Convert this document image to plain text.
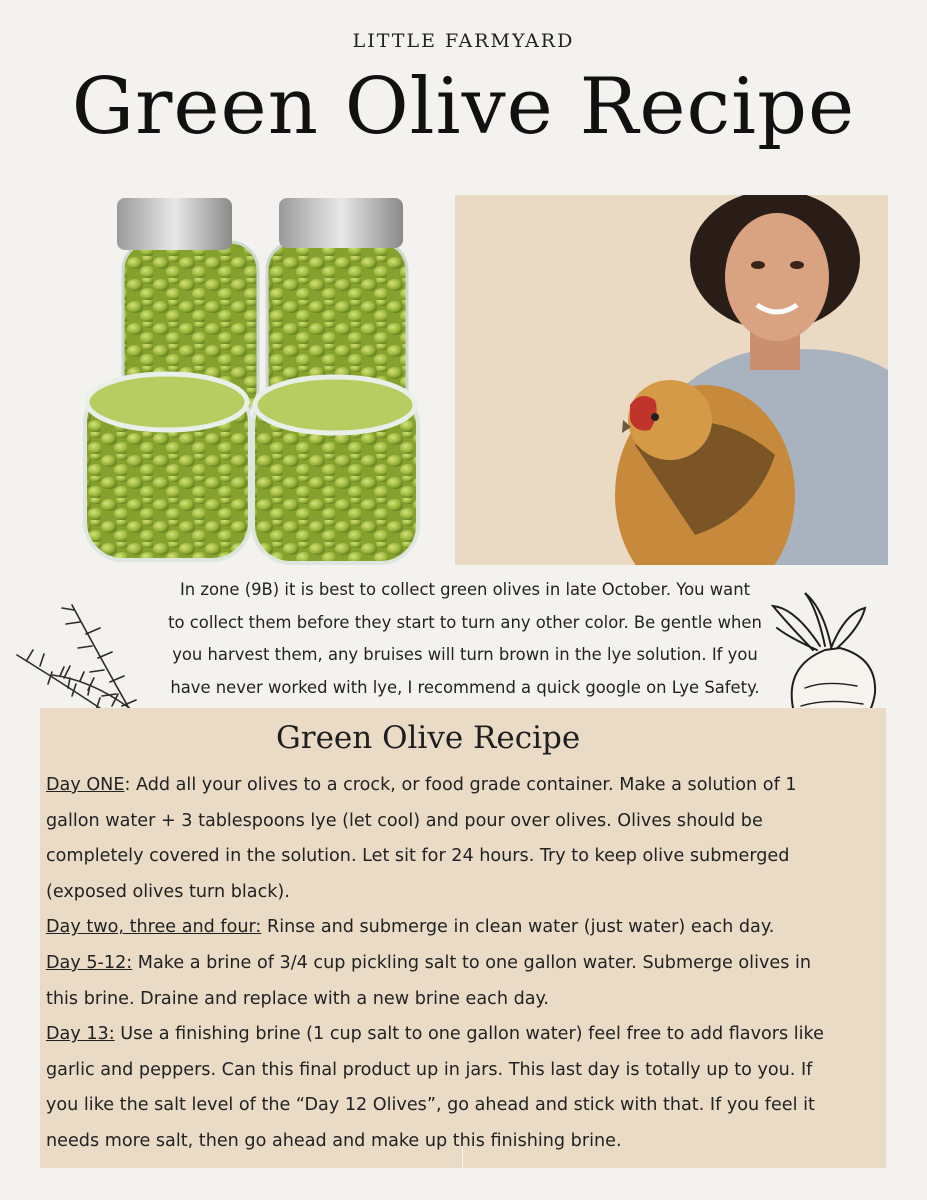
LITTLE FARMYARD
Green Olive Recipe
In zone (9B) it is best to collect green olives in late October. You want
to collect them before they start to turn any other color. Be gentle when
you harvest them, any bruises will turn brown in the lye solution. If you
have never worked with lye, I recommend a quick google on Lye Safety.
Green Olive Recipe

Day ONE: Add all your olives to a crock, or food grade container. Make a solution of 1
gallon water + 3 tablespoons lye (let cool) and pour over olives. Olives should be
completely covered in the solution. Let sit for 24 hours. Try to keep olive submerged
(exposed olives turn black).

Day two, three and four: Rinse and submerge in clean water (just water) each day.

Day 5-12: Make a brine of 3/4 cup pickling salt to one gallon water. Submerge olives in
this brine. Draine and replace with a new brine each day.

Day 13: Use a finishing brine (1 cup salt to one gallon water) feel free to add flavors like
garlic and peppers. Can this final product up in jars. This last day is totally up to you. If
you like the salt level of the “Day 12 Olives”, go ahead and stick with that. If you feel it
needs more salt, then go ahead and make up this finishing brine.
